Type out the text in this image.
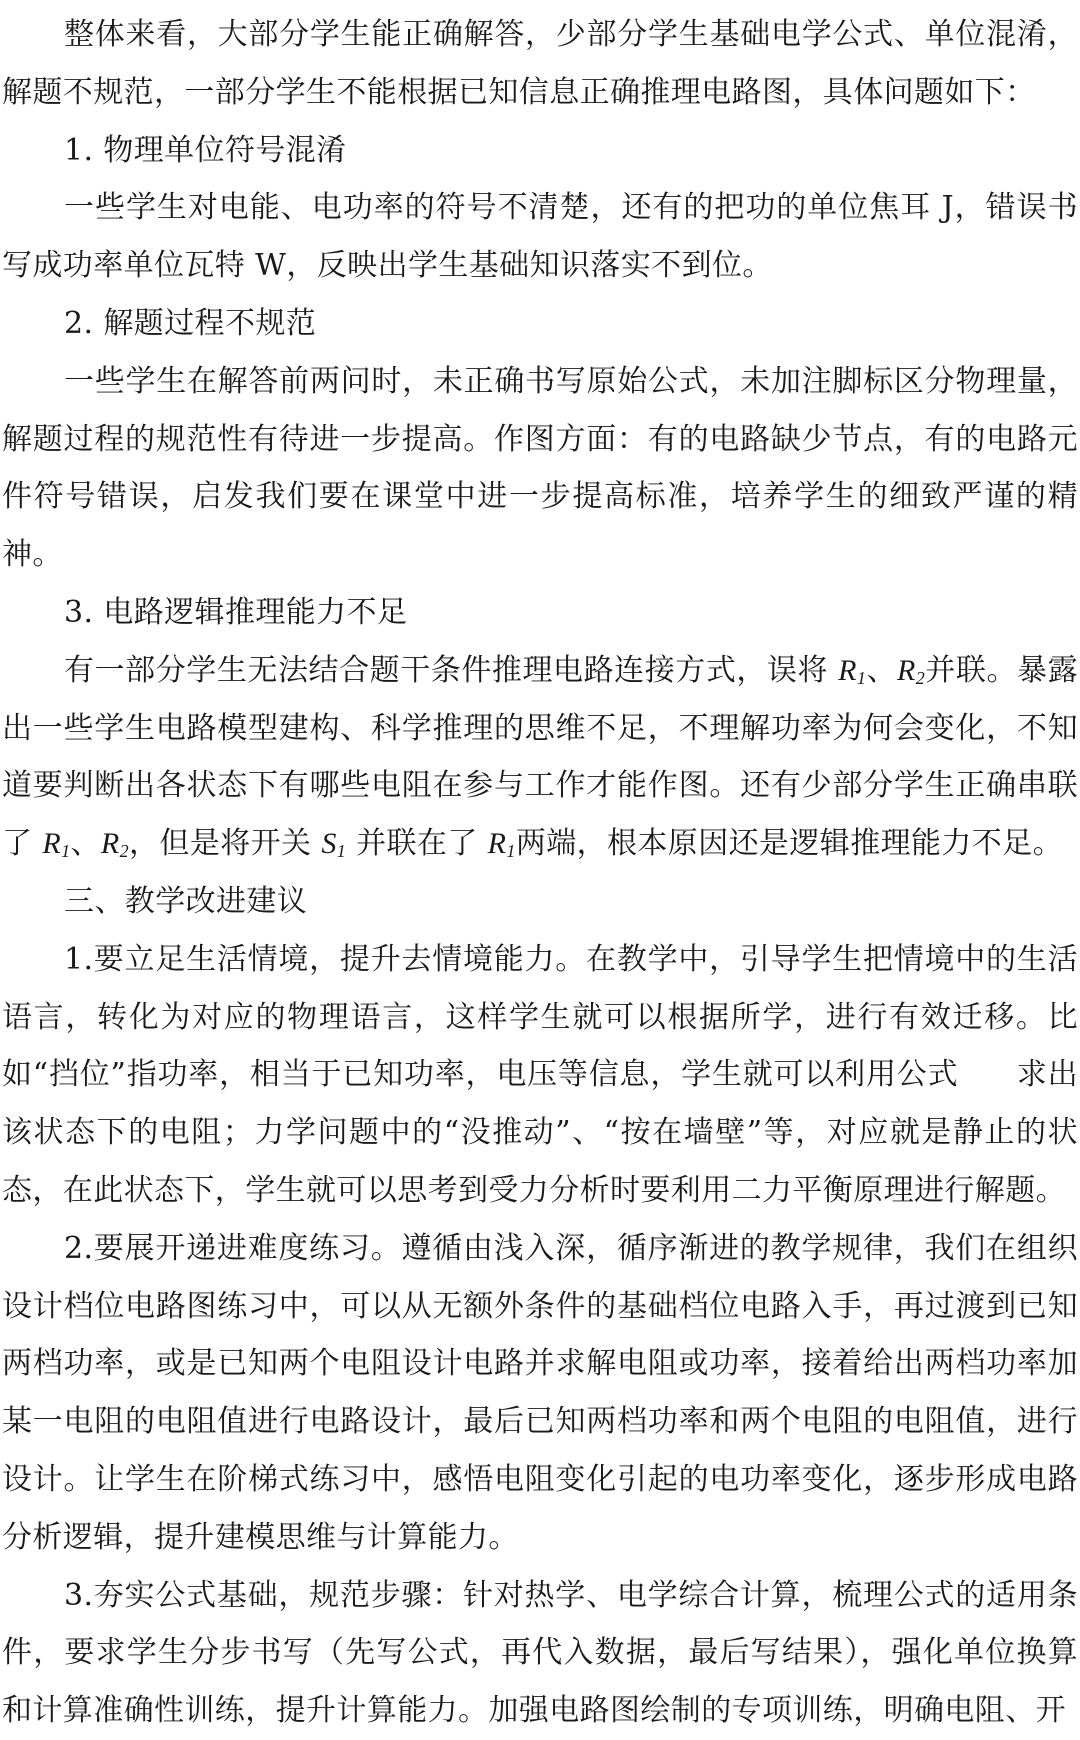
整体来看，大部分学生能正确解答，少部分学生基础电学公式、单位混淆，解题不规范，一部分学生不能根据已知信息正确推理电路图，具体问题如下：

1. 物理单位符号混淆

一些学生对电能、电功率的符号不清楚，还有的把功的单位焦耳 J，错误书写成功率单位瓦特 W，反映出学生基础知识落实不到位。

2. 解题过程不规范

一些学生在解答前两问时，未正确书写原始公式，未加注脚标区分物理量，解题过程的规范性有待进一步提高。作图方面：有的电路缺少节点，有的电路元件符号错误，启发我们要在课堂中进一步提高标准，培养学生的细致严谨的精神。

3. 电路逻辑推理能力不足

有一部分学生无法结合题干条件推理电路连接方式，误将 $R_1$、$R_2$并联。暴露出一些学生电路模型建构、科学推理的思维不足，不理解功率为何会变化，不知道要判断出各状态下有哪些电阻在参与工作才能作图。还有少部分学生正确串联了 $R_1$、$R_2$，但是将开关 $S_1$ 并联在了 $R_1$两端，根本原因还是逻辑推理能力不足。

三、教学改进建议

1.要立足生活情境，提升去情境能力。在教学中，引导学生把情境中的生活语言，转化为对应的物理语言，这样学生就可以根据所学，进行有效迁移。比如“挡位”指功率，相当于已知功率，电压等信息，学生就可以利用公式 求出该状态下的电阻；力学问题中的“没推动”、“按在墙壁”等，对应就是静止的状态，在此状态下，学生就可以思考到受力分析时要利用二力平衡原理进行解题。

2.要展开递进难度练习。遵循由浅入深，循序渐进的教学规律，我们在组织设计档位电路图练习中，可以从无额外条件的基础档位电路入手，再过渡到已知两档功率，或是已知两个电阻设计电路并求解电阻或功率，接着给出两档功率加某一电阻的电阻值进行电路设计，最后已知两档功率和两个电阻的电阻值，进行设计。让学生在阶梯式练习中，感悟电阻变化引起的电功率变化，逐步形成电路分析逻辑，提升建模思维与计算能力。

3.夯实公式基础，规范步骤：针对热学、电学综合计算，梳理公式的适用条件，要求学生分步书写（先写公式，再代入数据，最后写结果），强化单位换算和计算准确性训练，提升计算能力。加强电路图绘制的专项训练，明确电阻、开
